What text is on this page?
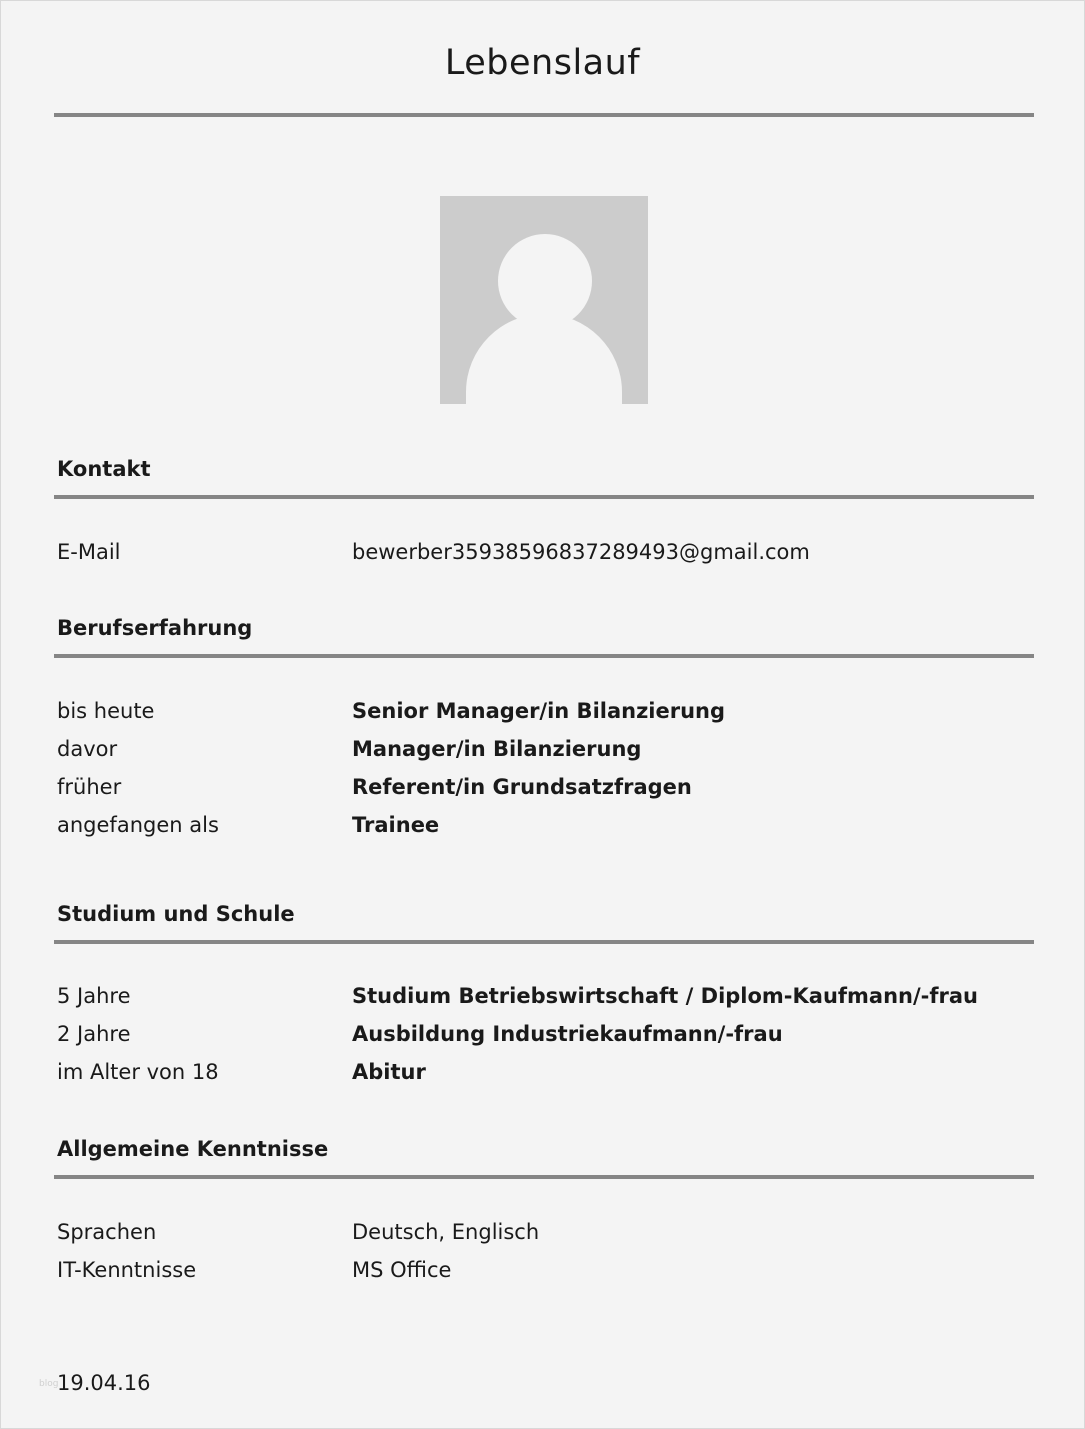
Lebenslauf
Kontakt
E-Mail	bewerber35938596837289493@gmail.com
Berufserfahrung
bis heute	Senior Manager/in Bilanzierung
davor	Manager/in Bilanzierung
früher	Referent/in Grundsatzfragen
angefangen als	Trainee
Studium und Schule
5 Jahre	Studium Betriebswirtschaft / Diplom-Kaufmann/-frau
2 Jahre	Ausbildung Industriekaufmann/-frau
im Alter von 18	Abitur
Allgemeine Kenntnisse
Sprachen	Deutsch, Englisch
IT-Kenntnisse	MS Office
blog
19.04.16
